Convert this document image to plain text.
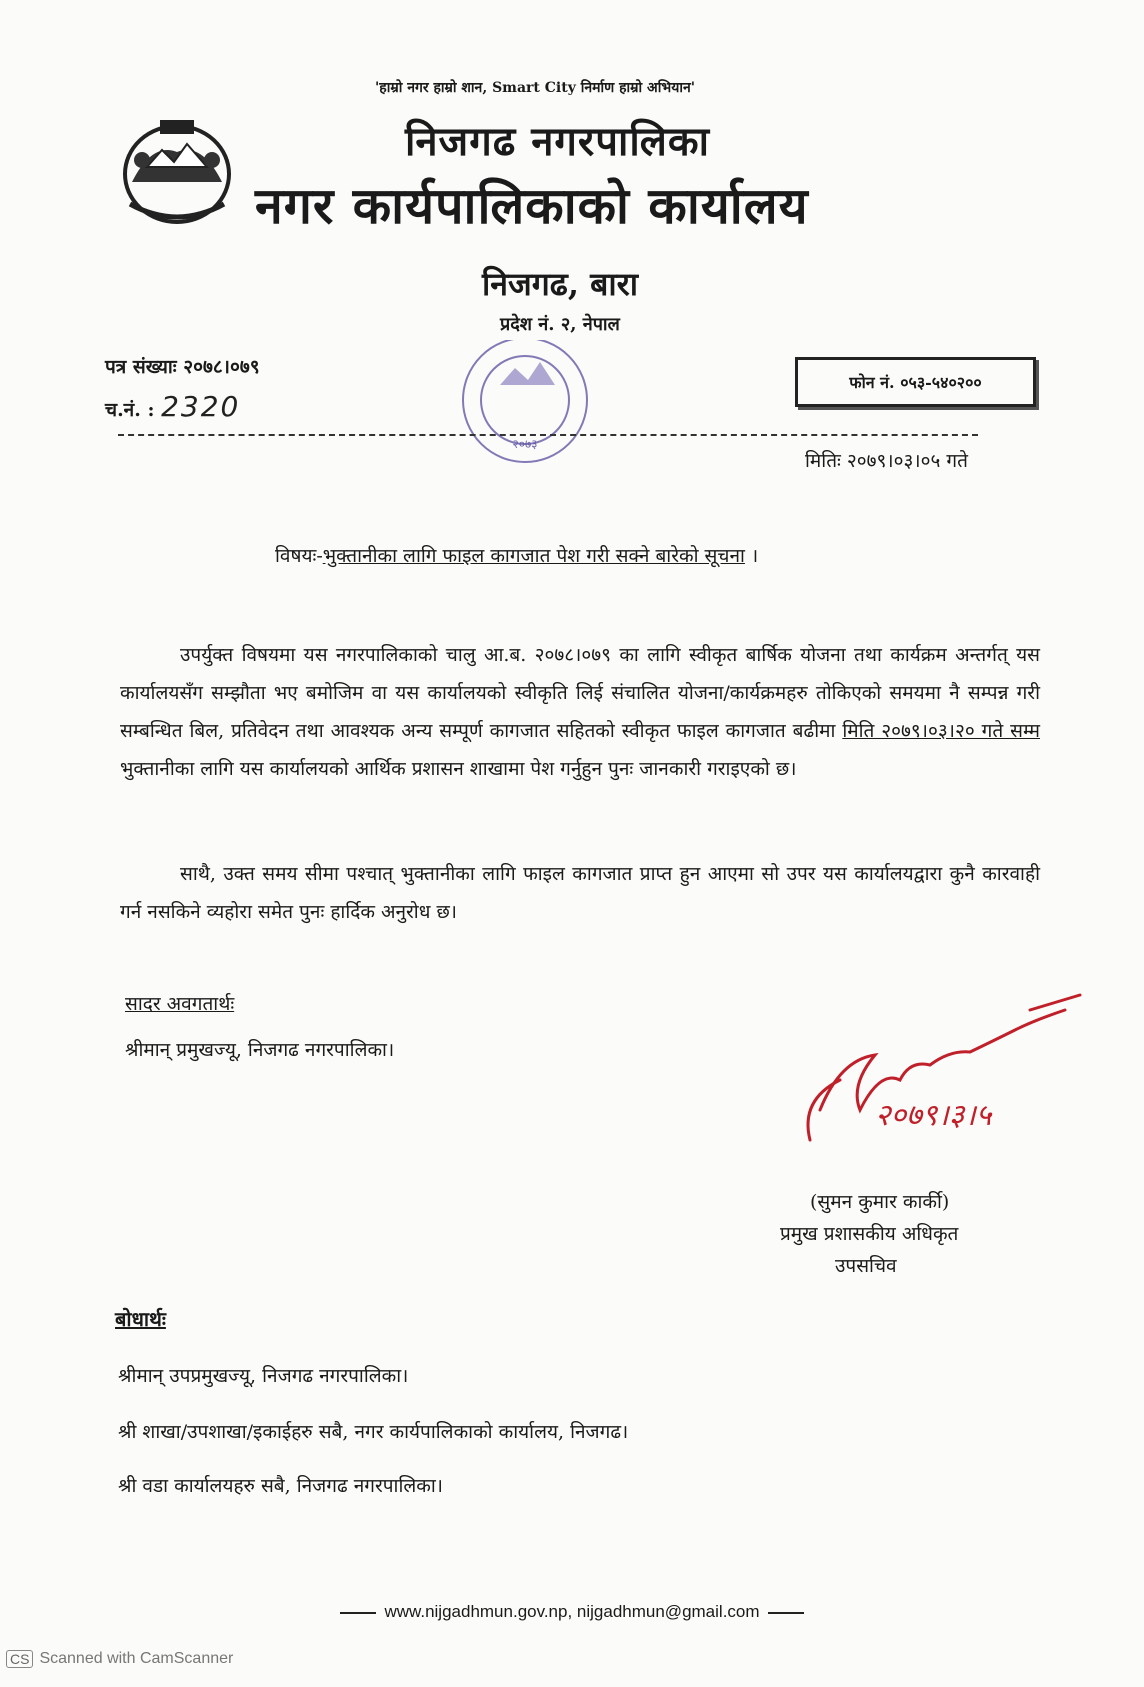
'हाम्रो नगर हाम्रो शान, Smart City निर्माण हाम्रो अभियान'
निजगढ नगरपालिका
नगर कार्यपालिकाको कार्यालय
निजगढ, बारा
प्रदेश नं. २, नेपाल
२०७३
पत्र संख्याः २०७८।०७९
च.नं. : 2320
फोन नं. ०५३-५४०२००
मितिः २०७९।०३।०५ गते
विषयः-भुक्तानीका लागि फाइल कागजात पेश गरी सक्ने बारेको सूचना ।
उपर्युक्त विषयमा यस नगरपालिकाको चालु आ.ब. २०७८।०७९ का लागि स्वीकृत बार्षिक योजना तथा कार्यक्रम अन्तर्गत् यस कार्यालयसँग सम्झौता भए बमोजिम वा यस कार्यालयको स्वीकृति लिई संचालित योजना/कार्यक्रमहरु तोकिएको समयमा नै सम्पन्न गरी सम्बन्धित बिल, प्रतिवेदन तथा आवश्यक अन्य सम्पूर्ण कागजात सहितको स्वीकृत फाइल कागजात बढीमा मिति २०७९।०३।२० गते सम्म भुक्तानीका लागि यस कार्यालयको आर्थिक प्रशासन शाखामा पेश गर्नुहुन पुनः जानकारी गराइएको छ।
साथै, उक्त समय सीमा पश्चात् भुक्तानीका लागि फाइल कागजात प्राप्त हुन आएमा सो उपर यस कार्यालयद्वारा कुनै कारवाही गर्न नसकिने व्यहोरा समेत पुनः हार्दिक अनुरोध छ।
सादर अवगतार्थः
श्रीमान् प्रमुखज्यू, निजगढ नगरपालिका।
२०७९।३।५
(सुमन कुमार कार्की)
प्रमुख प्रशासकीय अधिकृत
उपसचिव
बोधार्थः
श्रीमान् उपप्रमुखज्यू, निजगढ नगरपालिका।
श्री शाखा/उपशाखा/इकाईहरु सबै, नगर कार्यपालिकाको कार्यालय, निजगढ।
श्री वडा कार्यालयहरु सबै, निजगढ नगरपालिका।
www.nijgadhmun.gov.np, nijgadhmun@gmail.com
CS Scanned with CamScanner
